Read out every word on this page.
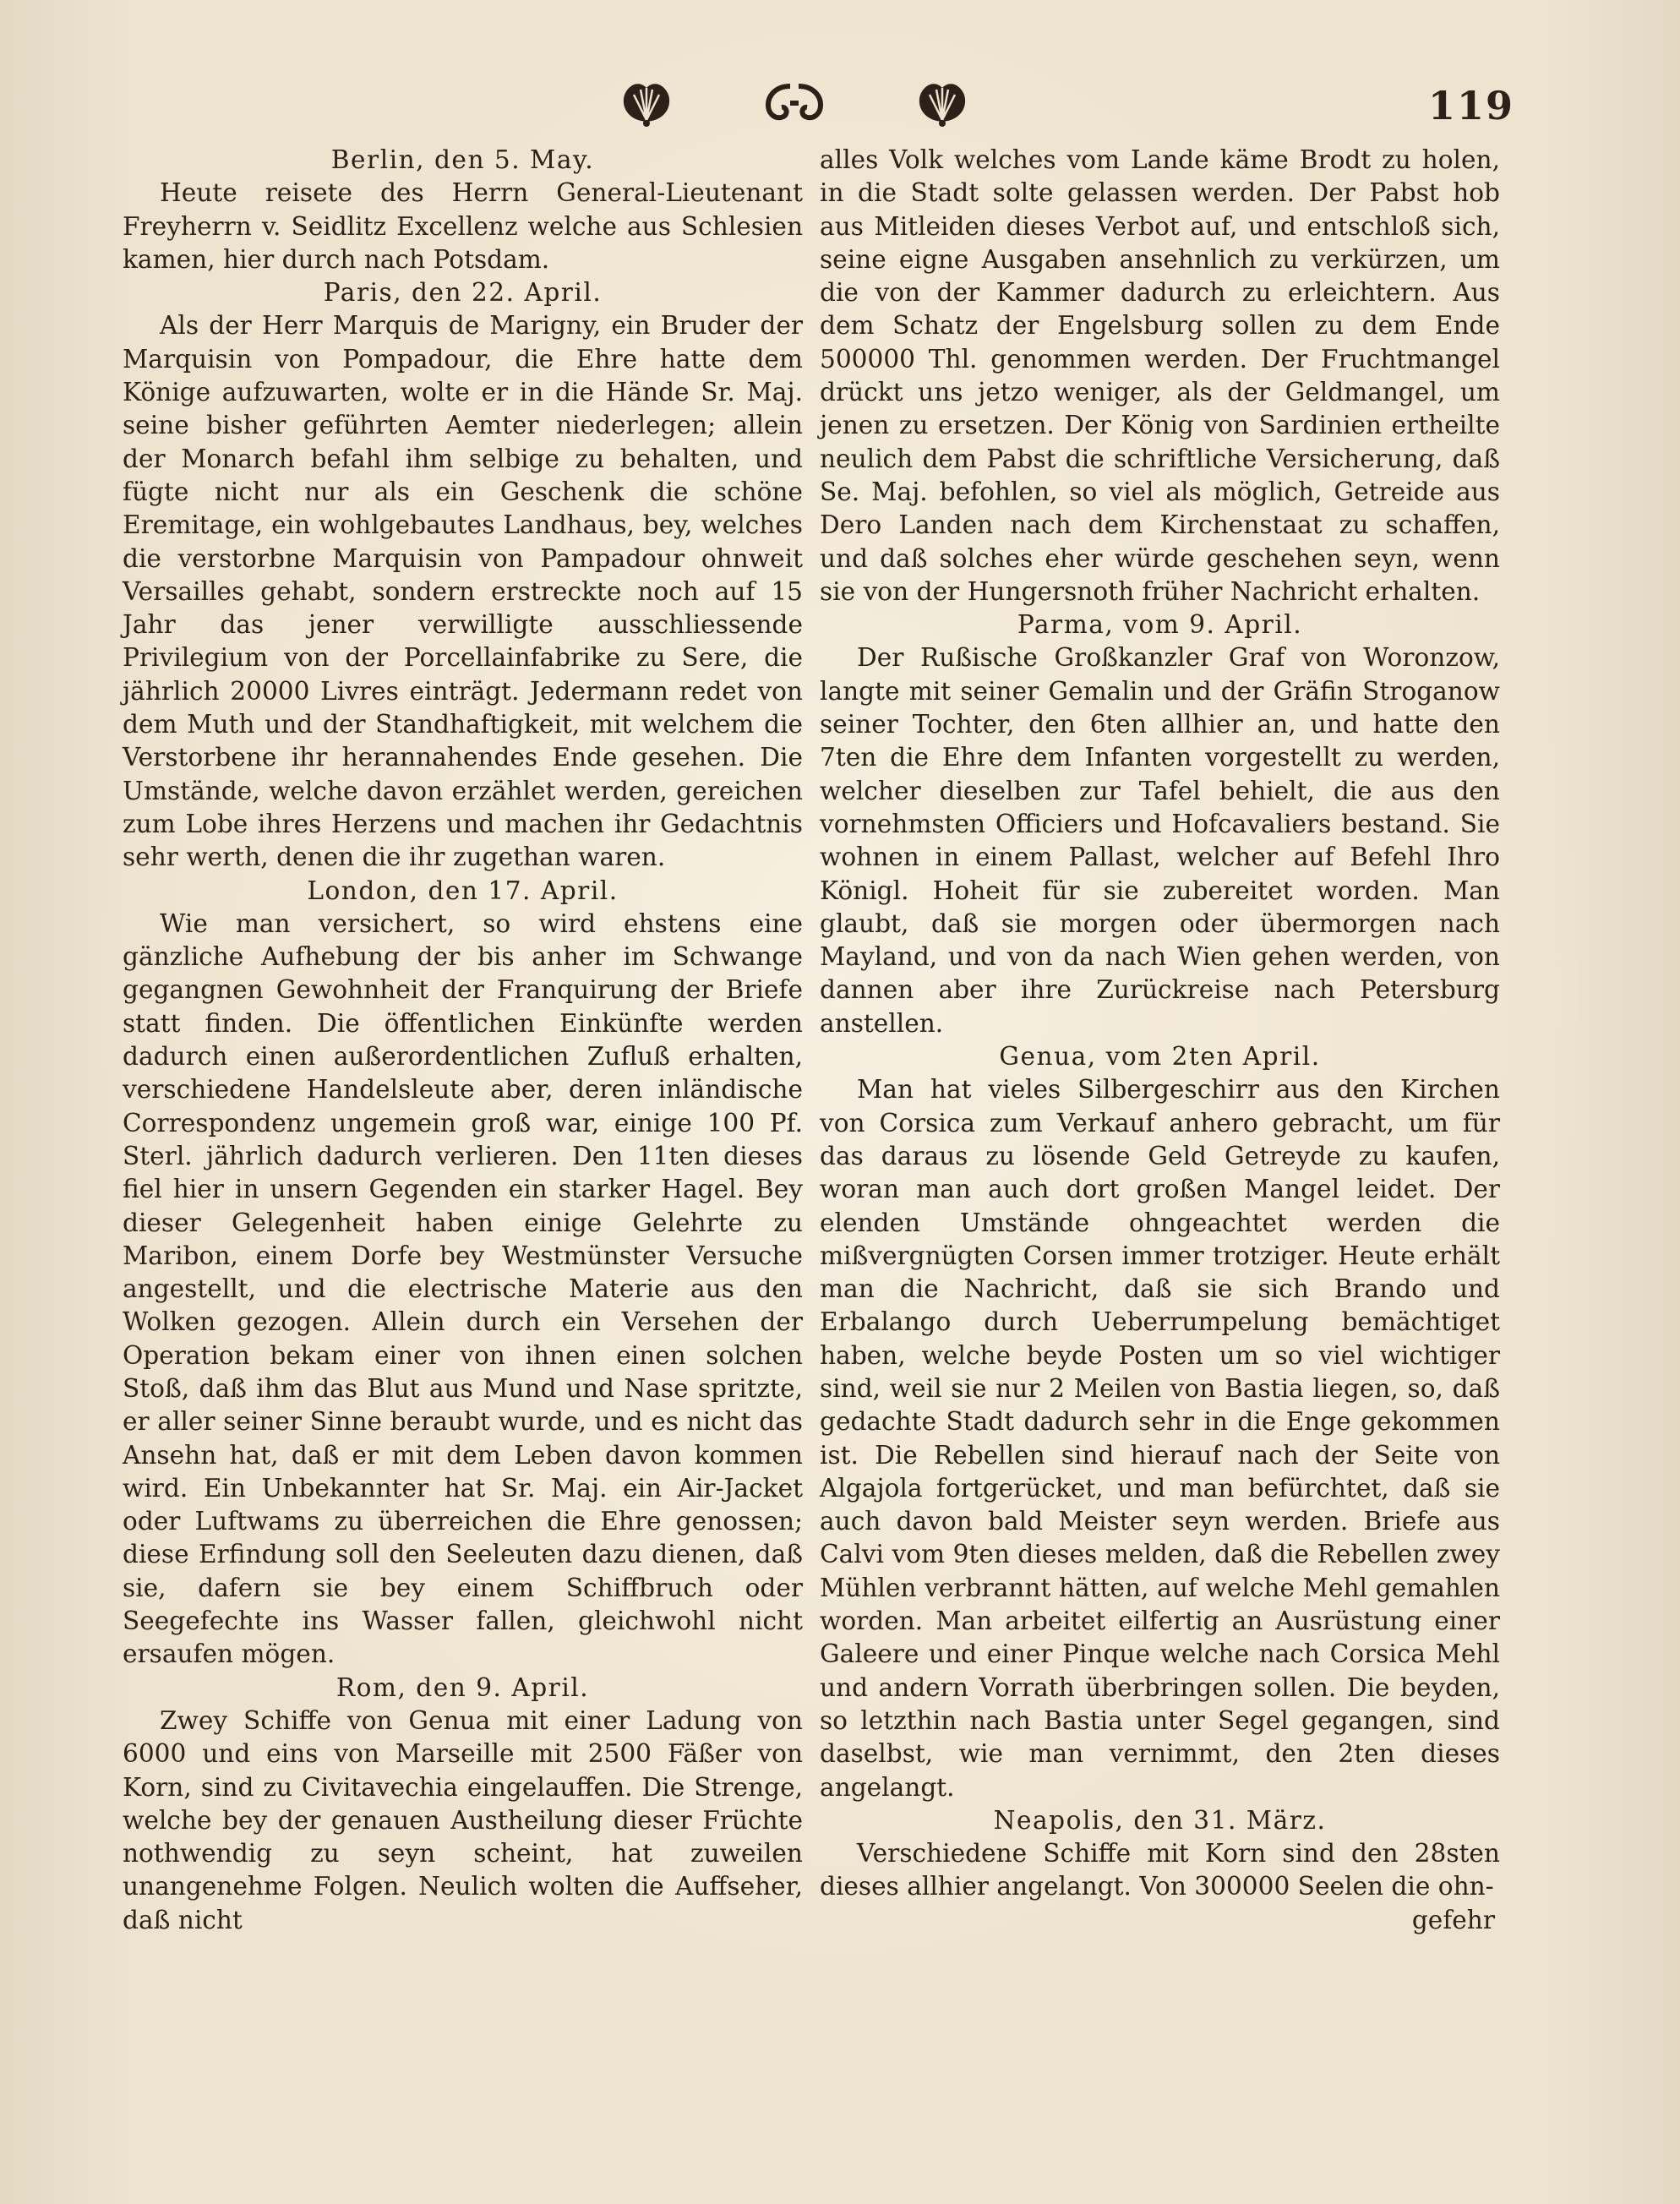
119

Berlin, den 5. May.

Heute reisete des Herrn General-Lieutenant Freyherrn v. Seidlitz Excellenz welche aus Schlesien kamen, hier durch nach Potsdam.

Paris, den 22. April.

Als der Herr Marquis de Marigny, ein Bruder der Marquisin von Pompadour, die Ehre hatte dem Könige aufzuwarten, wolte er in die Hände Sr. Maj. seine bisher geführten Aemter niederlegen; allein der Monarch befahl ihm selbige zu behalten, und fügte nicht nur als ein Geschenk die schöne Eremitage, ein wohlgebautes Landhaus, bey, welches die verstorbne Marquisin von Pampadour ohnweit Versailles gehabt, sondern erstreckte noch auf 15 Jahr das jener verwilligte ausschliessende Privilegium von der Porcellainfabrike zu Sere, die jährlich 20000 Livres einträgt. Jedermann redet von dem Muth und der Standhaftigkeit, mit welchem die Verstorbene ihr herannahendes Ende gesehen. Die Umstände, welche davon erzählet werden, gereichen zum Lobe ihres Herzens und machen ihr Gedachtnis sehr werth, denen die ihr zugethan waren.

London, den 17. April.

Wie man versichert, so wird ehstens eine gänzliche Aufhebung der bis anher im Schwange gegangnen Gewohnheit der Franquirung der Briefe statt finden. Die öffentlichen Einkünfte werden dadurch einen außerordentlichen Zufluß erhalten, verschiedene Handelsleute aber, deren inländische Correspondenz ungemein groß war, einige 100 Pf. Sterl. jährlich dadurch verlieren. Den 11ten dieses fiel hier in unsern Gegenden ein starker Hagel. Bey dieser Gelegenheit haben einige Gelehrte zu Maribon, einem Dorfe bey Westmünster Versuche angestellt, und die electrische Materie aus den Wolken gezogen. Allein durch ein Versehen der Operation bekam einer von ihnen einen solchen Stoß, daß ihm das Blut aus Mund und Nase spritzte, er aller seiner Sinne beraubt wurde, und es nicht das Ansehn hat, daß er mit dem Leben davon kommen wird. Ein Unbekannter hat Sr. Maj. ein Air-Jacket oder Luftwams zu überreichen die Ehre genossen; diese Erfindung soll den Seeleuten dazu dienen, daß sie, dafern sie bey einem Schiffbruch oder Seegefechte ins Wasser fallen, gleichwohl nicht ersaufen mögen.

Rom, den 9. April.

Zwey Schiffe von Genua mit einer Ladung von 6000 und eins von Marseille mit 2500 Fäßer von Korn, sind zu Civitavechia eingelauffen. Die Strenge, welche bey der genauen Austheilung dieser Früchte nothwendig zu seyn scheint, hat zuweilen unangenehme Folgen. Neulich wolten die Auffseher, daß nicht

alles Volk welches vom Lande käme Brodt zu holen, in die Stadt solte gelassen werden. Der Pabst hob aus Mitleiden dieses Verbot auf, und entschloß sich, seine eigne Ausgaben ansehnlich zu verkürzen, um die von der Kammer dadurch zu erleichtern. Aus dem Schatz der Engelsburg sollen zu dem Ende 500000 Thl. genommen werden. Der Fruchtmangel drückt uns jetzo weniger, als der Geldmangel, um jenen zu ersetzen. Der König von Sardinien ertheilte neulich dem Pabst die schriftliche Versicherung, daß Se. Maj. befohlen, so viel als möglich, Getreide aus Dero Landen nach dem Kirchenstaat zu schaffen, und daß solches eher würde geschehen seyn, wenn sie von der Hungersnoth früher Nachricht erhalten.

Parma, vom 9. April.

Der Rußische Großkanzler Graf von Woronzow, langte mit seiner Gemalin und der Gräfin Stroganow seiner Tochter, den 6ten allhier an, und hatte den 7ten die Ehre dem Infanten vorgestellt zu werden, welcher dieselben zur Tafel behielt, die aus den vornehmsten Officiers und Hofcavaliers bestand. Sie wohnen in einem Pallast, welcher auf Befehl Ihro Königl. Hoheit für sie zubereitet worden. Man glaubt, daß sie morgen oder übermorgen nach Mayland, und von da nach Wien gehen werden, von dannen aber ihre Zurückreise nach Petersburg anstellen.

Genua, vom 2ten April.

Man hat vieles Silbergeschirr aus den Kirchen von Corsica zum Verkauf anhero gebracht, um für das daraus zu lösende Geld Getreyde zu kaufen, woran man auch dort großen Mangel leidet. Der elenden Umstände ohngeachtet werden die mißvergnügten Corsen immer trotziger. Heute erhält man die Nachricht, daß sie sich Brando und Erbalango durch Ueberrumpelung bemächtiget haben, welche beyde Posten um so viel wichtiger sind, weil sie nur 2 Meilen von Bastia liegen, so, daß gedachte Stadt dadurch sehr in die Enge gekommen ist. Die Rebellen sind hierauf nach der Seite von Algajola fortgerücket, und man befürchtet, daß sie auch davon bald Meister seyn werden. Briefe aus Calvi vom 9ten dieses melden, daß die Rebellen zwey Mühlen verbrannt hätten, auf welche Mehl gemahlen worden. Man arbeitet eilfertig an Ausrüstung einer Galeere und einer Pinque welche nach Corsica Mehl und andern Vorrath überbringen sollen. Die beyden, so letzthin nach Bastia unter Segel gegangen, sind daselbst, wie man vernimmt, den 2ten dieses angelangt.

Neapolis, den 31. März.

Verschiedene Schiffe mit Korn sind den 28sten dieses allhier angelangt. Von 300000 Seelen die ohn-

gefehr
